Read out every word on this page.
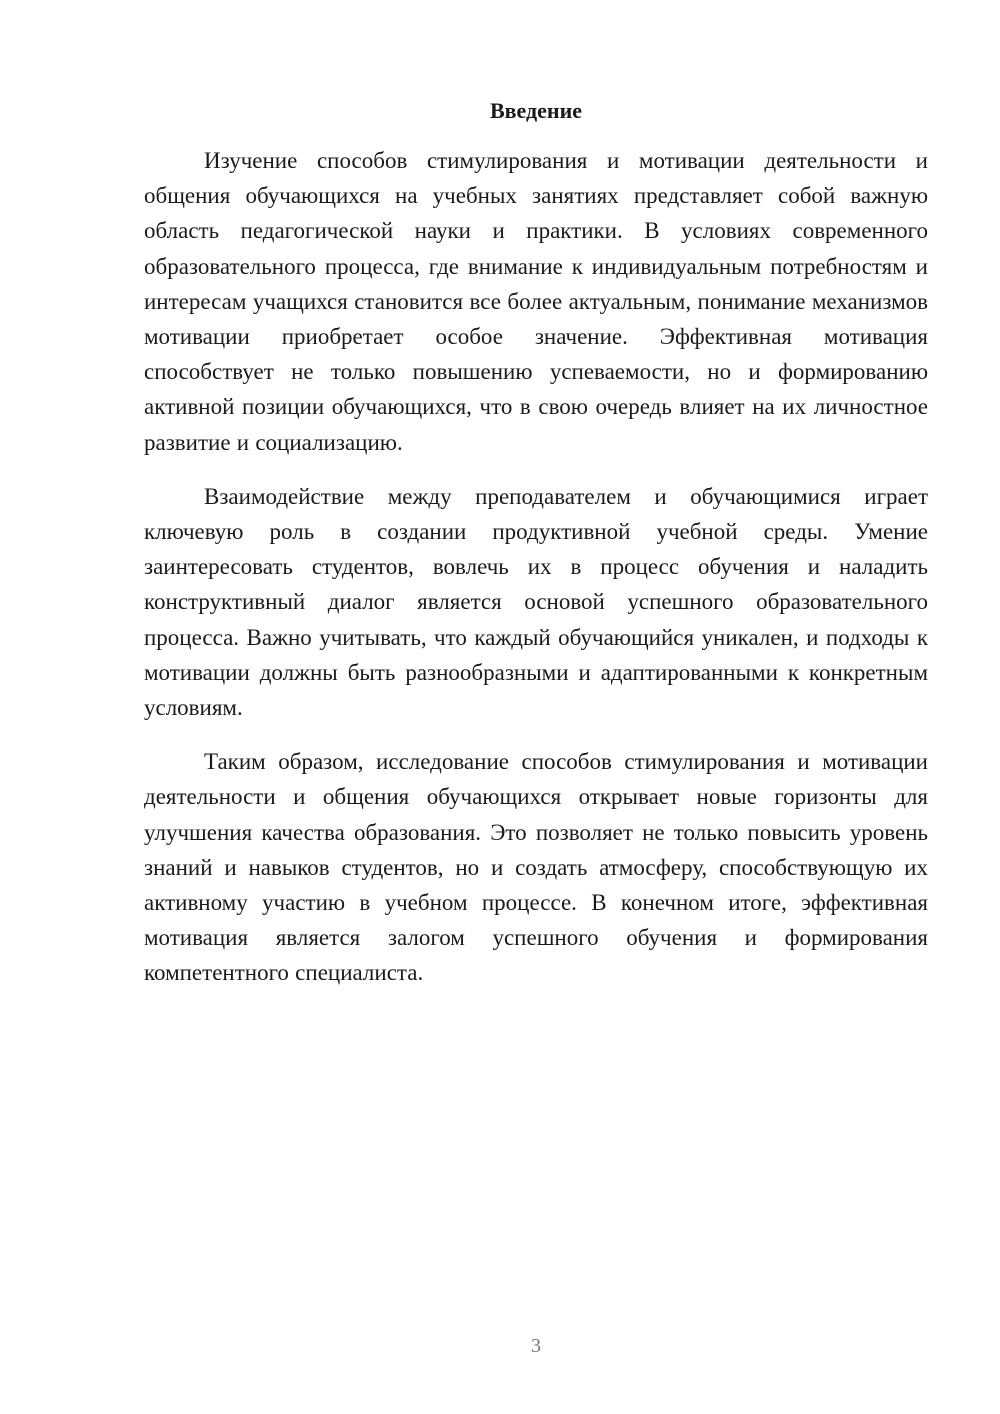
Введение

Изучение способов стимулирования и мотивации деятельности и общения обучающихся на учебных занятиях представляет собой важную область педагогической науки и практики. В условиях современного образовательного процесса, где внимание к индивидуальным потребностям и интересам учащихся становится все более актуальным, понимание механизмов мотивации приобретает особое значение. Эффективная мотивация способствует не только повышению успеваемости, но и формированию активной позиции обучающихся, что в свою очередь влияет на их личностное развитие и социализацию.

Взаимодействие между преподавателем и обучающимися играет ключевую роль в создании продуктивной учебной среды. Умение заинтересовать студентов, вовлечь их в процесс обучения и наладить конструктивный диалог является основой успешного образовательного процесса. Важно учитывать, что каждый обучающийся уникален, и подходы к мотивации должны быть разнообразными и адаптированными к конкретным условиям.

Таким образом, исследование способов стимулирования и мотивации деятельности и общения обучающихся открывает новые горизонты для улучшения качества образования. Это позволяет не только повысить уровень знаний и навыков студентов, но и создать атмосферу, способствующую их активному участию в учебном процессе. В конечном итоге, эффективная мотивация является залогом успешного обучения и формирования компетентного специалиста.

3
